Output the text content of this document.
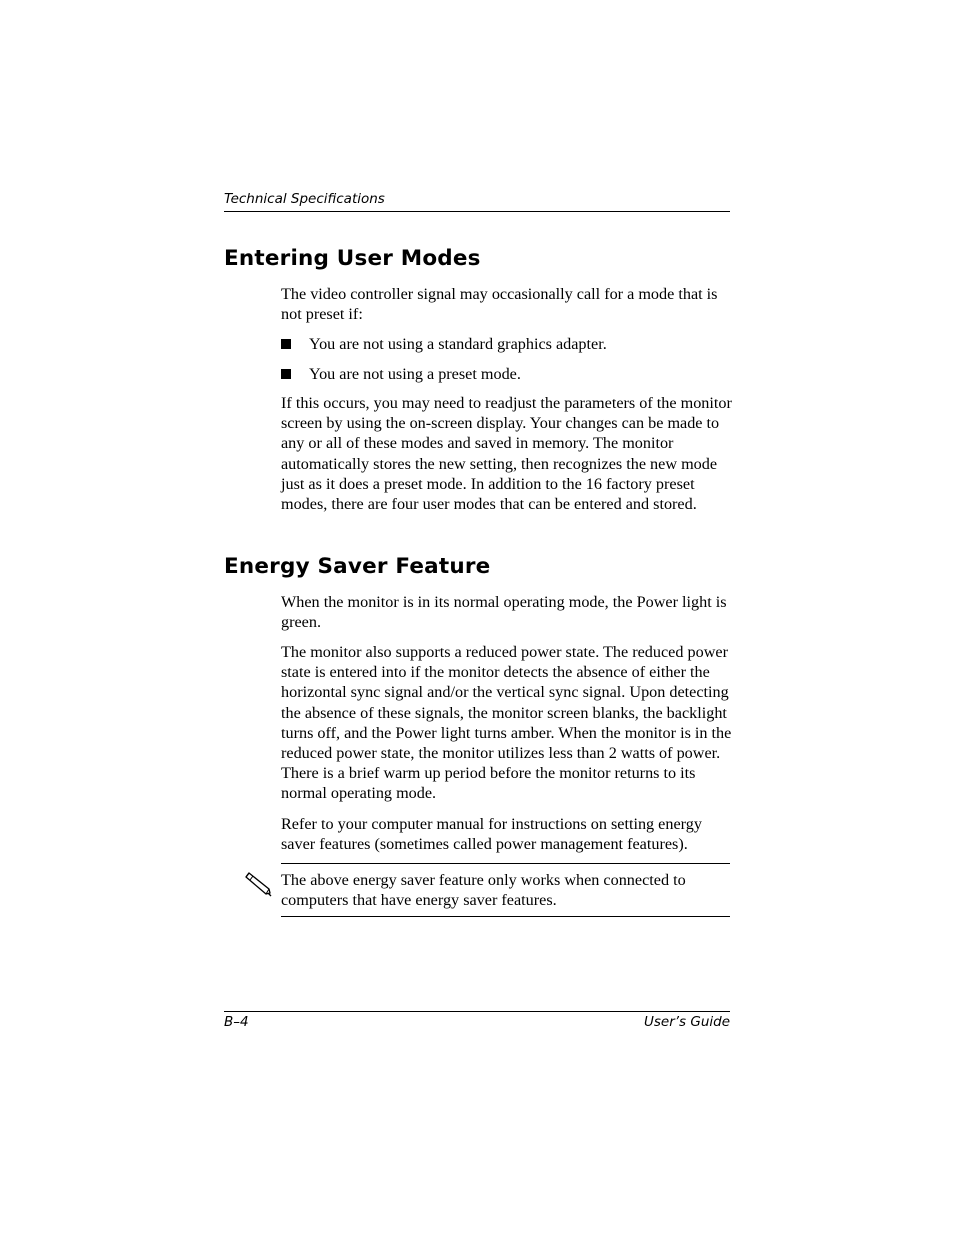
Technical Specifications
Entering User Modes

The video controller signal may occasionally call for a mode that is not preset if:

You are not using a standard graphics adapter.
You are not using a preset mode.

If this occurs, you may need to readjust the parameters of the monitor screen by using the on-screen display. Your changes can be made to any or all of these modes and saved in memory. The monitor automatically stores the new setting, then recognizes the new mode just as it does a preset mode. In addition to the 16 factory preset modes, there are four user modes that can be entered and stored.

Energy Saver Feature

When the monitor is in its normal operating mode, the Power light is green.

The monitor also supports a reduced power state. The reduced power state is entered into if the monitor detects the absence of either the horizontal sync signal and/or the vertical sync signal. Upon detecting the absence of these signals, the monitor screen blanks, the backlight turns off, and the Power light turns amber. When the monitor is in the reduced power state, the monitor utilizes less than 2 watts of power. There is a brief warm up period before the monitor returns to its normal operating mode.

Refer to your computer manual for instructions on setting energy saver features (sometimes called power management features).

The above energy saver feature only works when connected to computers that have energy saver features.

B–4	User’s Guide
